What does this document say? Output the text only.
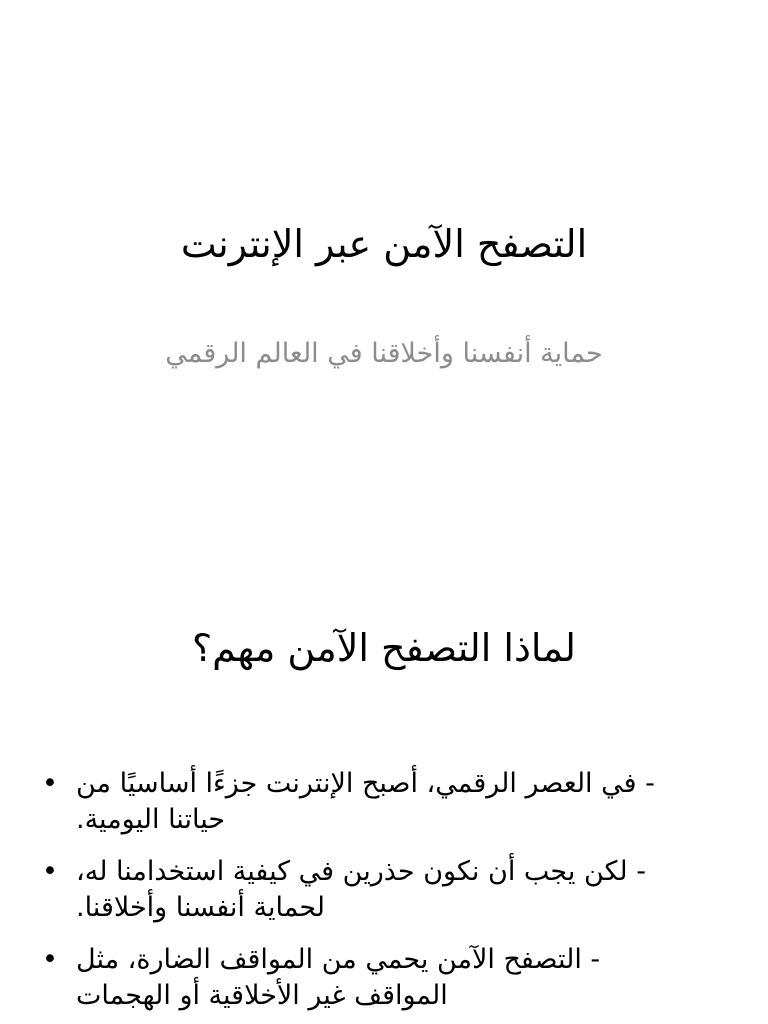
التصفح الآمن عبر الإنترنت

حماية أنفسنا وأخلاقنا في العالم الرقمي

لماذا التصفح الآمن مهم؟
• - في العصر الرقمي، أصبح الإنترنت جزءًا أساسيًا من حياتنا اليومية.
• - لكن يجب أن نكون حذرين في كيفية استخدامنا له، لحماية أنفسنا وأخلاقنا.
• - التصفح الآمن يحمي من المواقف الضارة، مثل المواقف غير الأخلاقية أو الهجمات
